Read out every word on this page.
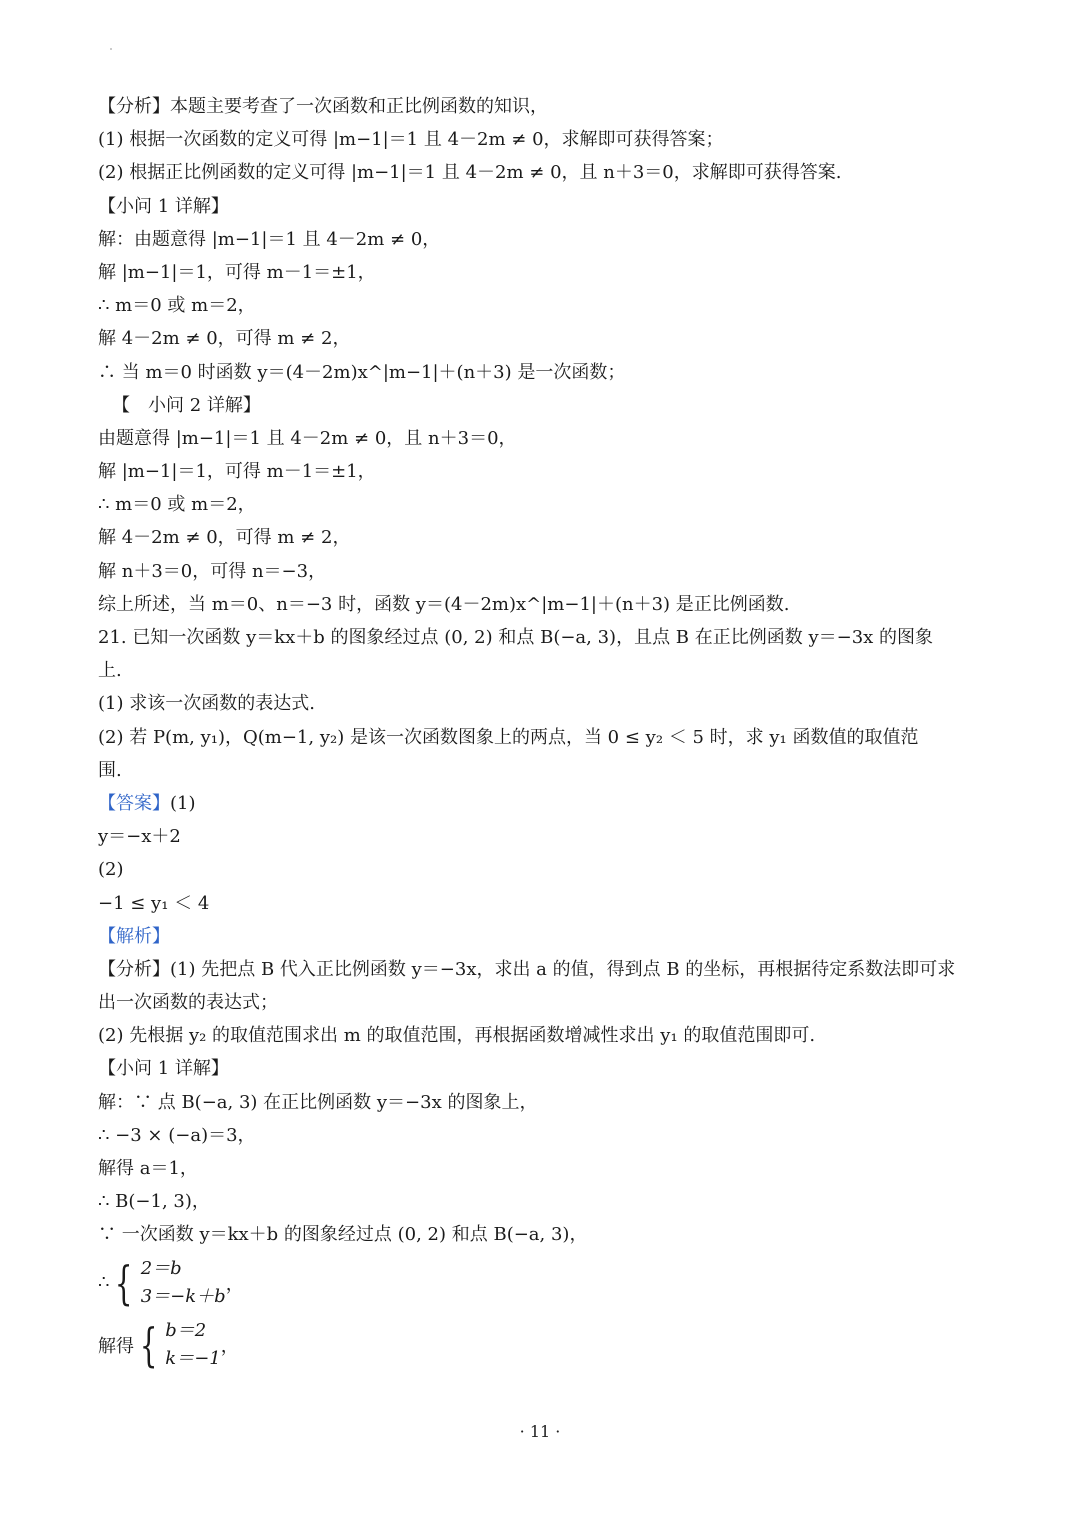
【分析】本题主要考查了一次函数和正比例函数的知识，
(1) 根据一次函数的定义可得 |m−1|＝1 且 4－2m ≠ 0，求解即可获得答案；
(2) 根据正比例函数的定义可得 |m−1|＝1 且 4－2m ≠ 0，且 n＋3＝0，求解即可获得答案.
【小问 1 详解】
解：由题意得 |m−1|＝1 且 4－2m ≠ 0，
解 |m−1|＝1，可得 m－1＝±1，
∴ m＝0 或 m＝2，
解 4－2m ≠ 0，可得 m ≠ 2，
∴ 当 m＝0 时函数 y＝(4－2m)x^|m−1|＋(n＋3) 是一次函数；
【　小问 2 详解】
由题意得 |m−1|＝1 且 4－2m ≠ 0，且 n＋3＝0，
解 |m−1|＝1，可得 m－1＝±1，
∴ m＝0 或 m＝2，
解 4－2m ≠ 0，可得 m ≠ 2，
解 n＋3＝0，可得 n＝−3，
综上所述，当 m＝0、n＝−3 时，函数 y＝(4－2m)x^|m−1|＋(n＋3) 是正比例函数.
21. 已知一次函数 y＝kx＋b 的图象经过点 (0, 2) 和点 B(−a, 3)，且点 B 在正比例函数 y＝−3x 的图象
上.
(1) 求该一次函数的表达式.
(2) 若 P(m, y₁)，Q(m−1, y₂) 是该一次函数图象上的两点，当 0 ≤ y₂ ＜ 5 时，求 y₁ 函数值的取值范
围.
【答案】(1)
y＝−x＋2
(2)
−1 ≤ y₁ ＜ 4
【解析】
【分析】(1) 先把点 B 代入正比例函数 y＝−3x，求出 a 的值，得到点 B 的坐标，再根据待定系数法即可求
出一次函数的表达式；
(2) 先根据 y₂ 的取值范围求出 m 的取值范围，再根据函数增减性求出 y₁ 的取值范围即可.
【小问 1 详解】
解：∵ 点 B(−a, 3) 在正比例函数 y＝−3x 的图象上，
∴ −3 × (−a)＝3，
解得 a＝1，
∴ B(−1, 3)，
∵ 一次函数 y＝kx＋b 的图象经过点 (0, 2) 和点 B(−a, 3)，
∴ { 2＝b
3＝−k＋b
，
解得 { b＝2
k＝−1
，
· 11 ·
